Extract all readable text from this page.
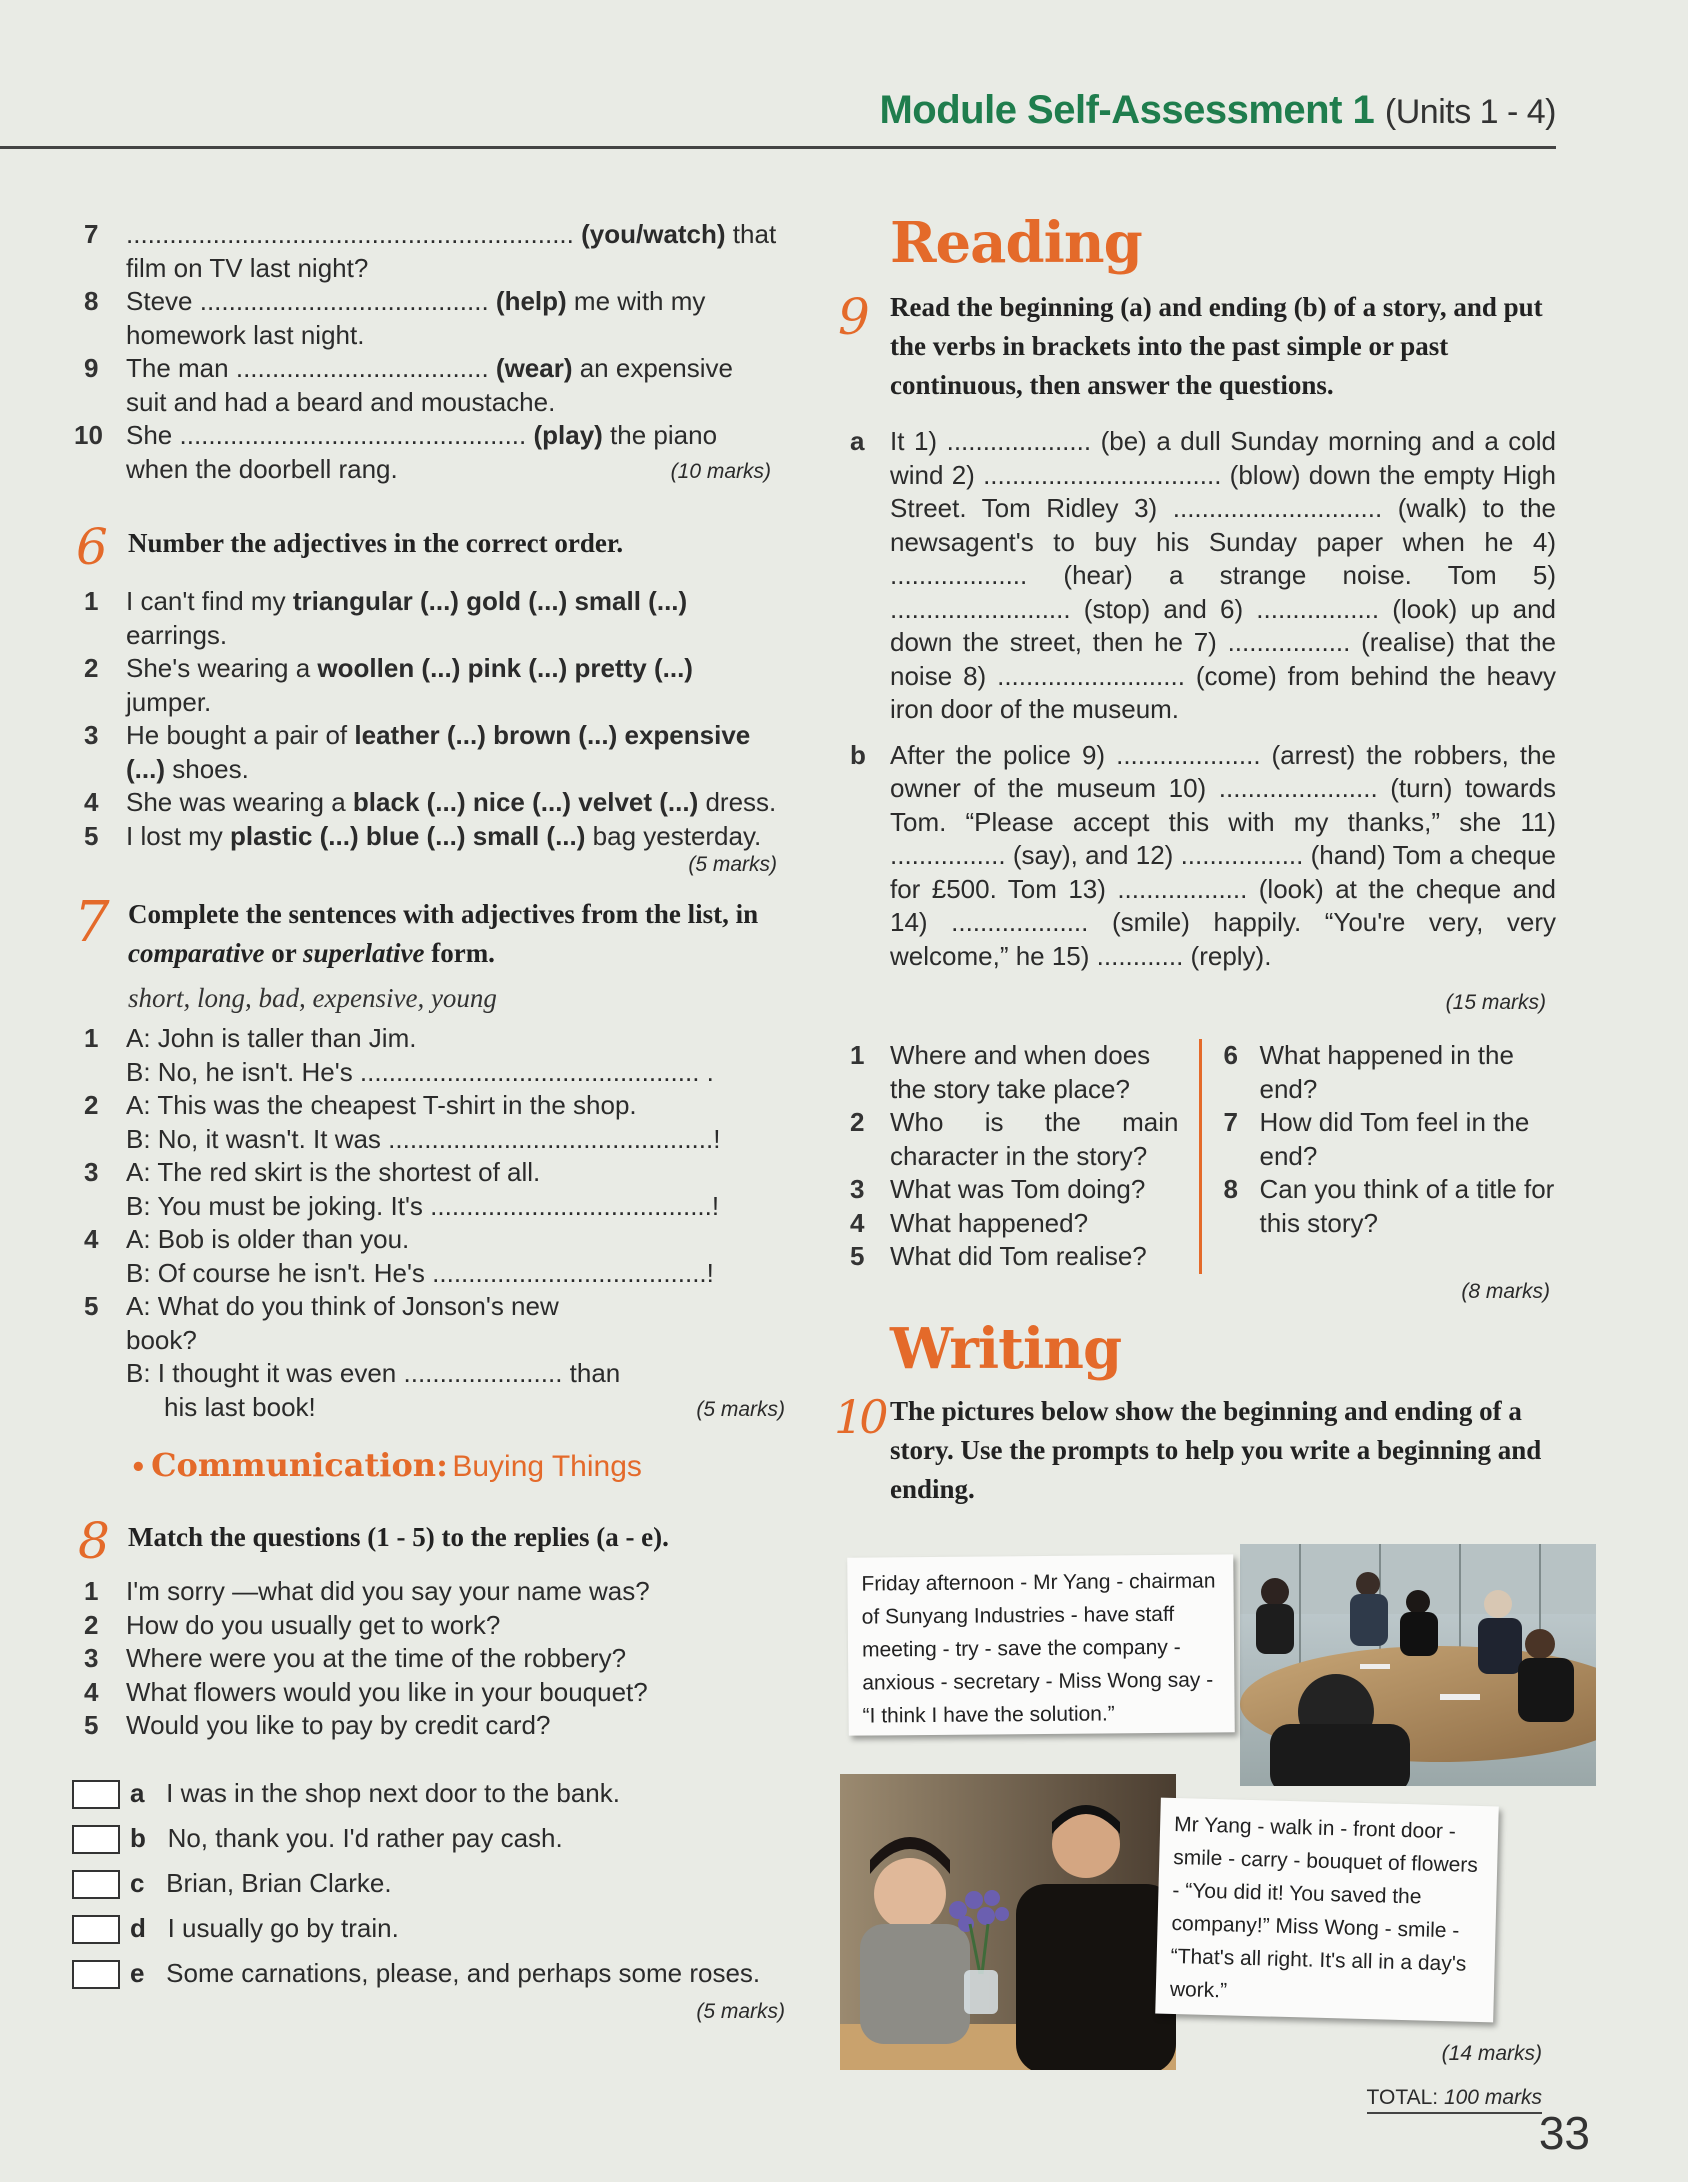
Module Self-Assessment 1 (Units 1 - 4)
7	.............................................................. (you/watch) that film on TV last night?
8	Steve ........................................ (help) me with my homework last night.
9	The man ................................... (wear) an expensive suit and had a beard and moustache.
10 She ................................................ (play) the piano when the doorbell rang.	(10 marks)
6 Number the adjectives in the correct order.
1	I can't find my triangular (...) gold (...) small (...) earrings.
2	She's wearing a woollen (...) pink (...) pretty (...) jumper.
3	He bought a pair of leather (...) brown (...) expensive (...) shoes.
4	She was wearing a black (...) nice (...) velvet (...) dress.
5	I lost my plastic (...) blue (...) small (...) bag yesterday.
(5 marks)
7 Complete the sentences with adjectives from the list, in comparative or superlative form.
short, long, bad, expensive, young
1	A: John is taller than Jim.
B: No, he isn't. He's ............................................... .
2	A: This was the cheapest T-shirt in the shop.
B: No, it wasn't. It was .............................................!
3	A: The red skirt is the shortest of all.
B: You must be joking. It's .......................................!
4	A: Bob is older than you.
B: Of course he isn't. He's ......................................!
5	A: What do you think of Jonson's new book?
B: I thought it was even ...................... than his last book!	(5 marks)
• Communication: Buying Things
8 Match the questions (1 - 5) to the replies (a - e).
1	I'm sorry —what did you say your name was?
2	How do you usually get to work?
3	Where were you at the time of the robbery?
4	What flowers would you like in your bouquet?
5	Would you like to pay by credit card?
a I was in the shop next door to the bank.
b No, thank you. I'd rather pay cash.
c Brian, Brian Clarke.
d I usually go by train.
e Some carnations, please, and perhaps some roses.
(5 marks)
Reading
9 Read the beginning (a) and ending (b) of a story, and put the verbs in brackets into the past simple or past continuous, then answer the questions.
a It 1) .................... (be) a dull Sunday morning and a cold wind 2) ................................. (blow) down the empty High Street. Tom Ridley 3) ............................. (walk) to the newsagent's to buy his Sunday paper when he 4) ................... (hear) a strange noise. Tom 5) ......................... (stop) and 6) ................. (look) up and down the street, then he 7) ................. (realise) that the noise 8) .......................... (come) from behind the heavy iron door of the museum.
b After the police 9) .................... (arrest) the robbers, the owner of the museum 10) ...................... (turn) towards Tom. “Please accept this with my thanks,” she 11) ................ (say), and 12) ................. (hand) Tom a cheque for £500. Tom 13) .................. (look) at the cheque and 14) ................... (smile) happily. “You're very, very welcome,” he 15) ............ (reply).
(15 marks)
1 Where and when does the story take place?
2 Who is the main character in the story?
3 What was Tom doing?
4 What happened?
5 What did Tom realise?
6 What happened in the end?
7 How did Tom feel in the end?
8 Can you think of a title for this story?
(8 marks)
Writing
10 The pictures below show the beginning and ending of a story. Use the prompts to help you write a beginning and ending.
Friday afternoon - Mr Yang - chairman of Sunyang Industries - have staff meeting - try - save the company - anxious - secretary - Miss Wong say - “I think I have the solution.”
Mr Yang - walk in - front door - smile - carry - bouquet of flowers - “You did it! You saved the company!” Miss Wong - smile - “That's all right. It's all in a day's work.”
(14 marks)
TOTAL: 100 marks
33
